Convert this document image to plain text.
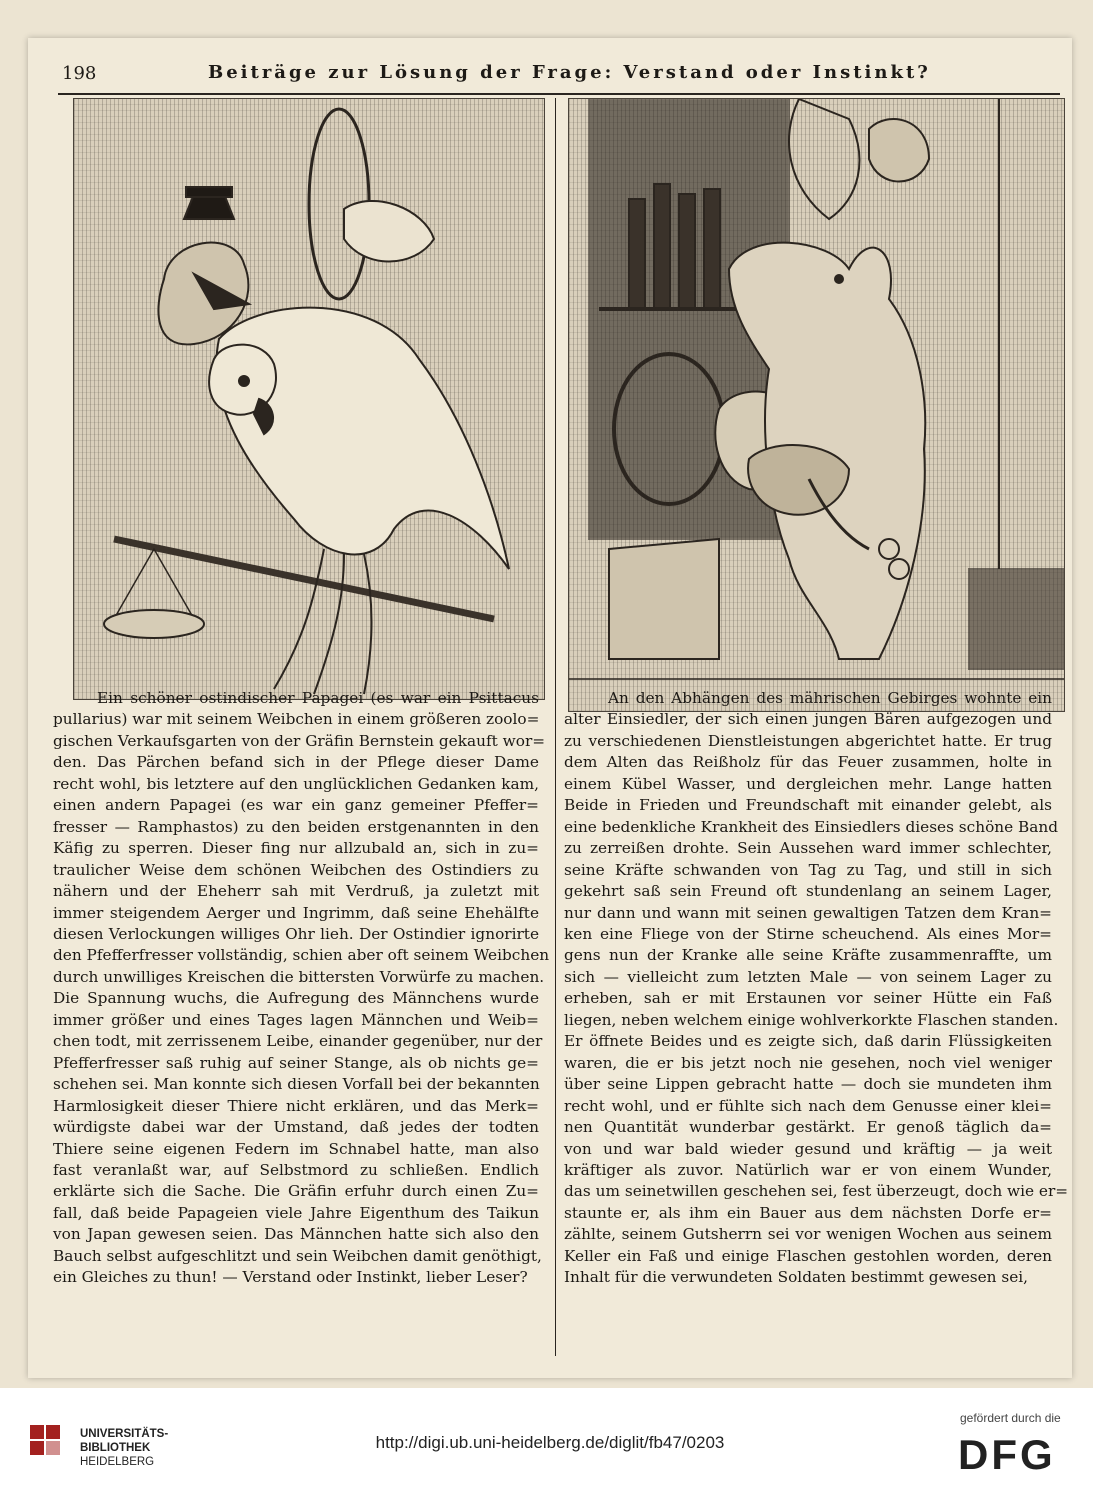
198	Beiträge zur Lösung der Frage: Verstand oder Instinkt?
Ein schöner ostindischer Papagei (es war ein Psittacus
pullarius) war mit seinem Weibchen in einem größeren zoolo=
gischen Verkaufsgarten von der Gräfin Bernstein gekauft wor=
den. Das Pärchen befand sich in der Pflege dieser Dame
recht wohl, bis letztere auf den unglücklichen Gedanken kam,
einen andern Papagei (es war ein ganz gemeiner Pfeffer=
fresser — Ramphastos) zu den beiden erstgenannten in den
Käfig zu sperren. Dieser fing nur allzubald an, sich in zu=
traulicher Weise dem schönen Weibchen des Ostindiers zu
nähern und der Eheherr sah mit Verdruß, ja zuletzt mit
immer steigendem Aerger und Ingrimm, daß seine Ehehälfte
diesen Verlockungen williges Ohr lieh. Der Ostindier ignorirte
den Pfefferfresser vollständig, schien aber oft seinem Weibchen
durch unwilliges Kreischen die bittersten Vorwürfe zu machen.
Die Spannung wuchs, die Aufregung des Männchens wurde
immer größer und eines Tages lagen Männchen und Weib=
chen todt, mit zerrissenem Leibe, einander gegenüber, nur der
Pfefferfresser saß ruhig auf seiner Stange, als ob nichts ge=
schehen sei. Man konnte sich diesen Vorfall bei der bekannten
Harmlosigkeit dieser Thiere nicht erklären, und das Merk=
würdigste dabei war der Umstand, daß jedes der todten
Thiere seine eigenen Federn im Schnabel hatte, man also
fast veranlaßt war, auf Selbstmord zu schließen. Endlich
erklärte sich die Sache. Die Gräfin erfuhr durch einen Zu=
fall, daß beide Papageien viele Jahre Eigenthum des Taikun
von Japan gewesen seien. Das Männchen hatte sich also den
Bauch selbst aufgeschlitzt und sein Weibchen damit genöthigt,
ein Gleiches zu thun! — Verstand oder Instinkt, lieber Leser?
An den Abhängen des mährischen Gebirges wohnte ein
alter Einsiedler, der sich einen jungen Bären aufgezogen und
zu verschiedenen Dienstleistungen abgerichtet hatte. Er trug
dem Alten das Reißholz für das Feuer zusammen, holte in
einem Kübel Wasser, und dergleichen mehr. Lange hatten
Beide in Frieden und Freundschaft mit einander gelebt, als
eine bedenkliche Krankheit des Einsiedlers dieses schöne Band
zu zerreißen drohte. Sein Aussehen ward immer schlechter,
seine Kräfte schwanden von Tag zu Tag, und still in sich
gekehrt saß sein Freund oft stundenlang an seinem Lager,
nur dann und wann mit seinen gewaltigen Tatzen dem Kran=
ken eine Fliege von der Stirne scheuchend. Als eines Mor=
gens nun der Kranke alle seine Kräfte zusammenraffte, um
sich — vielleicht zum letzten Male — von seinem Lager zu
erheben, sah er mit Erstaunen vor seiner Hütte ein Faß
liegen, neben welchem einige wohlverkorkte Flaschen standen.
Er öffnete Beides und es zeigte sich, daß darin Flüssigkeiten
waren, die er bis jetzt noch nie gesehen, noch viel weniger
über seine Lippen gebracht hatte — doch sie mundeten ihm
recht wohl, und er fühlte sich nach dem Genusse einer klei=
nen Quantität wunderbar gestärkt. Er genoß täglich da=
von und war bald wieder gesund und kräftig — ja weit
kräftiger als zuvor. Natürlich war er von einem Wunder,
das um seinetwillen geschehen sei, fest überzeugt, doch wie er=
staunte er, als ihm ein Bauer aus dem nächsten Dorfe er=
zählte, seinem Gutsherrn sei vor wenigen Wochen aus seinem
Keller ein Faß und einige Flaschen gestohlen worden, deren
Inhalt für die verwundeten Soldaten bestimmt gewesen sei,
UNIVERSITÄTS-
BIBLIOTHEK
HEIDELBERG
http://digi.ub.uni-heidelberg.de/diglit/fb47/0203
gefördert durch die
DFG
